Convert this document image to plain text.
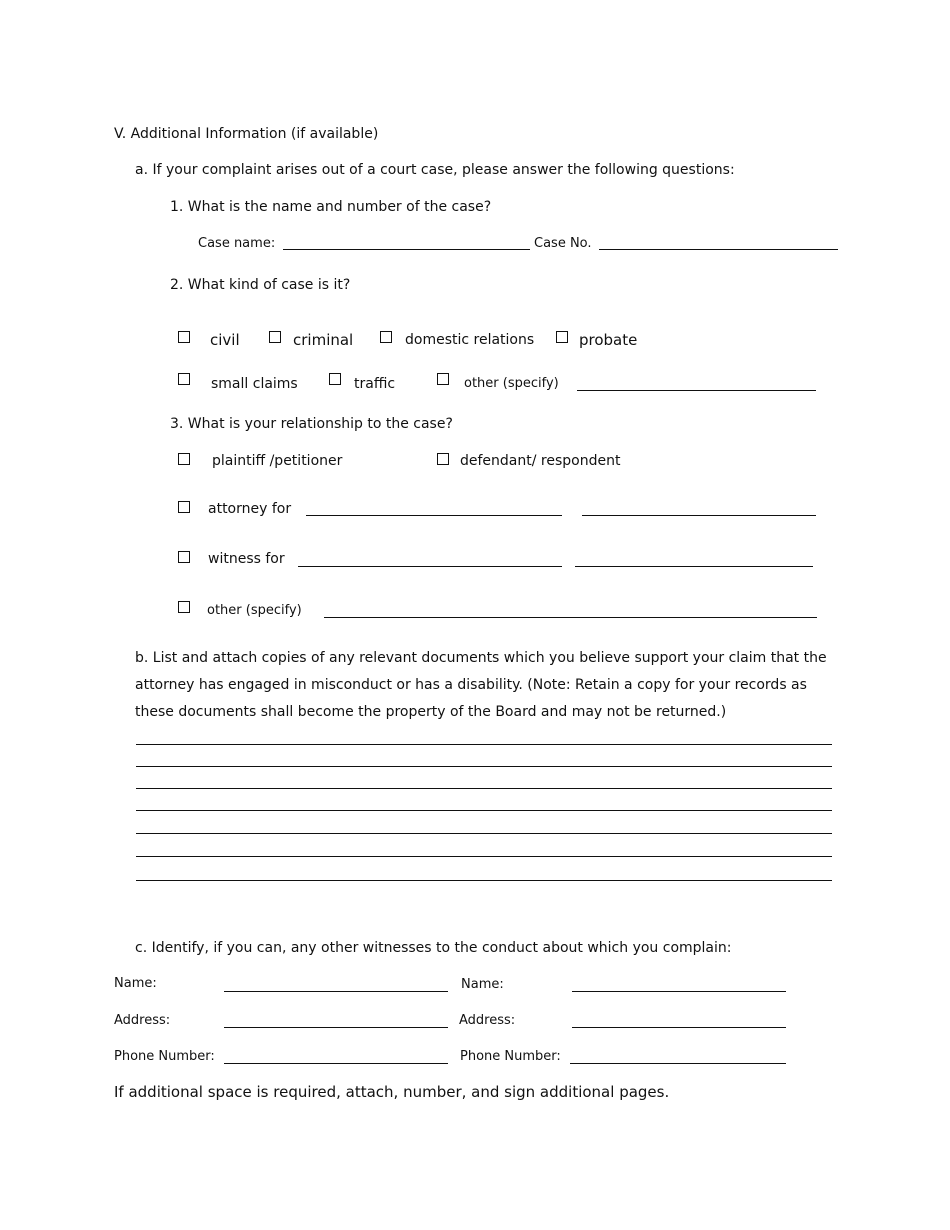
V. Additional Information (if available)
a. If your complaint arises out of a court case, please answer the following questions:
1. What is the name and number of the case?
Case name:	Case No.
2. What kind of case is it?
civil	criminal	domestic relations	probate
small claims	traffic	other (specify)
3. What is your relationship to the case?
plaintiff /petitioner	defendant/ respondent
attorney for
witness for
other (specify)
b. List and attach copies of any relevant documents which you believe support your claim that the
attorney has engaged in misconduct or has a disability. (Note: Retain a copy for your records as
these documents shall become the property of the Board and may not be returned.)
c. Identify, if you can, any other witnesses to the conduct about which you complain:
Name:	Name:
Address:	Address:
Phone Number:	Phone Number:
If additional space is required, attach, number, and sign additional pages.
